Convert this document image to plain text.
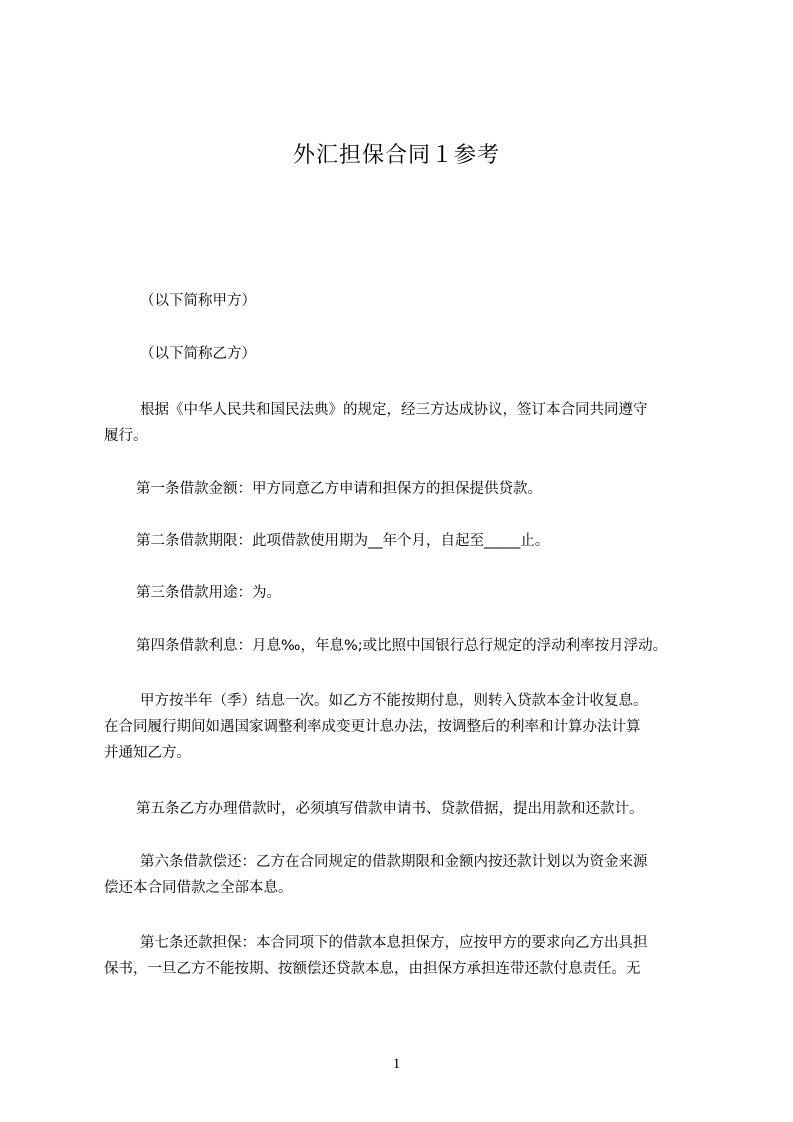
外汇担保合同１参考
（以下简称甲方）
（以下简称乙方）
根据《中华人民共和国民法典》的规定，经三方达成协议，签订本合同共同遵守
履行。
第一条借款金额：甲方同意乙方申请和担保方的担保提供贷款。
第二条借款期限：此项借款使用期为__年个月，自起至_____止。
第三条借款用途：为。
第四条借款利息：月息‰，年息%;或比照中国银行总行规定的浮动利率按月浮动。
甲方按半年（季）结息一次。如乙方不能按期付息，则转入贷款本金计收复息。
在合同履行期间如遇国家调整利率成变更计息办法，按调整后的利率和计算办法计算
并通知乙方。
第五条乙方办理借款时，必须填写借款申请书、贷款借据，提出用款和还款计。
第六条借款偿还：乙方在合同规定的借款期限和金额内按还款计划以为资金来源
偿还本合同借款之全部本息。
第七条还款担保：本合同项下的借款本息担保方，应按甲方的要求向乙方出具担
保书，一旦乙方不能按期、按额偿还贷款本息，由担保方承担连带还款付息责任。无
1
